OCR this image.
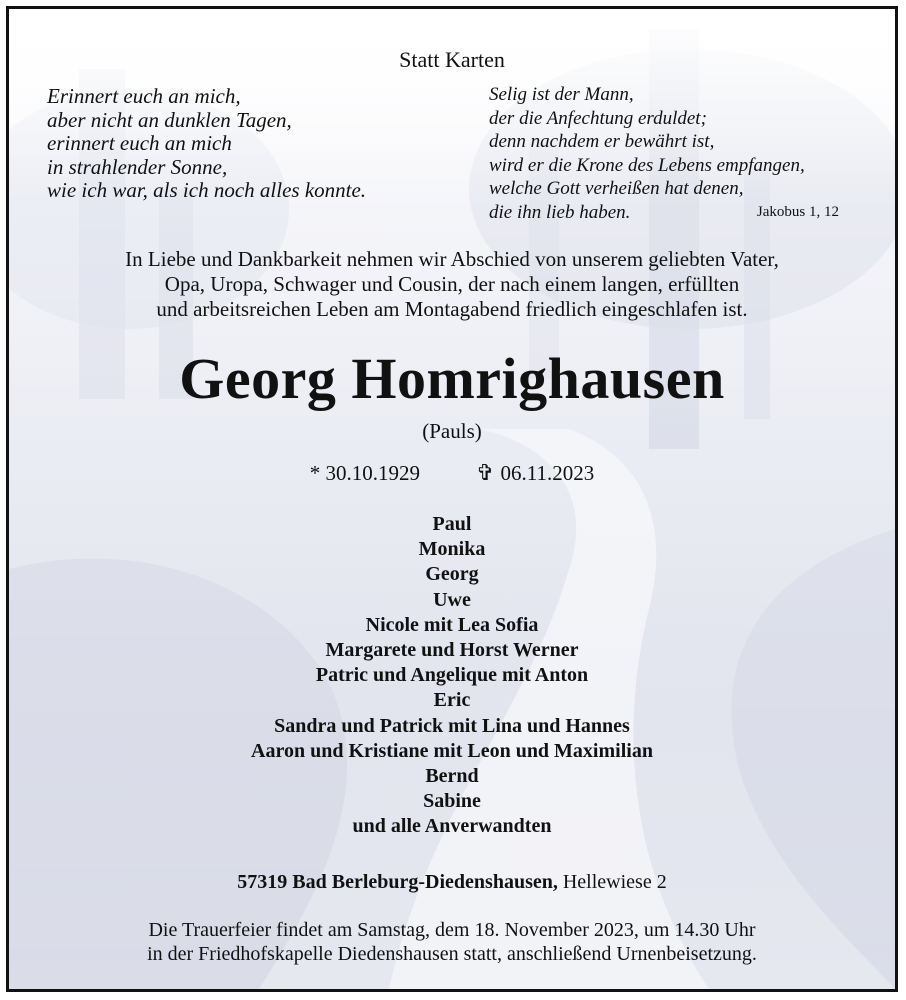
Statt Karten
Erinnert euch an mich,
aber nicht an dunklen Tagen,
erinnert euch an mich
in strahlender Sonne,
wie ich war, als ich noch alles konnte.
Selig ist der Mann,
der die Anfechtung erduldet;
denn nachdem er bewährt ist,
wird er die Krone des Lebens empfangen,
welche Gott verheißen hat denen,
die ihn lieb haben.	Jakobus 1, 12
In Liebe und Dankbarkeit nehmen wir Abschied von unserem geliebten Vater,
Opa, Uropa, Schwager und Cousin, der nach einem langen, erfüllten
und arbeitsreichen Leben am Montagabend friedlich eingeschlafen ist.
Georg Homrighausen
(Pauls)
* 30.10.1929	✞ 06.11.2023
Paul
Monika
Georg
Uwe
Nicole mit Lea Sofia
Margarete und Horst Werner
Patric und Angelique mit Anton
Eric
Sandra und Patrick mit Lina und Hannes
Aaron und Kristiane mit Leon und Maximilian
Bernd
Sabine
und alle Anverwandten
57319 Bad Berleburg-Diedenshausen, Hellewiese 2
Die Trauerfeier findet am Samstag, dem 18. November 2023, um 14.30 Uhr
in der Friedhofskapelle Diedenshausen statt, anschließend Urnenbeisetzung.
